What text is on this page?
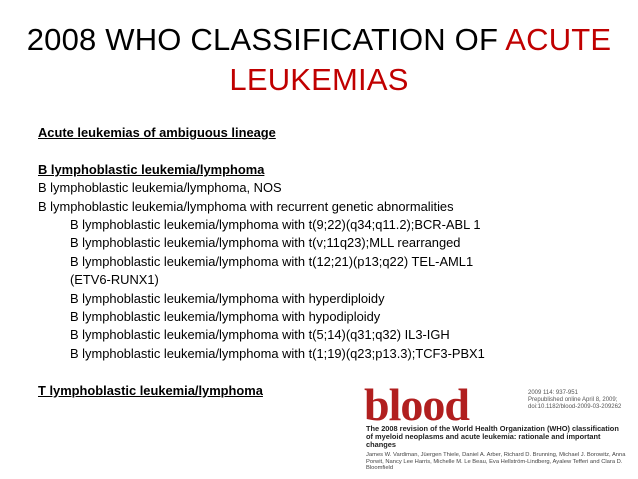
2008 WHO CLASSIFICATION OF ACUTE
LEUKEMIAS
Acute leukemias of ambiguous lineage
B lymphoblastic leukemia/lymphoma
B lymphoblastic leukemia/lymphoma, NOS
B lymphoblastic leukemia/lymphoma with recurrent genetic abnormalities
B lymphoblastic leukemia/lymphoma with t(9;22)(q34;q11.2);BCR-ABL 1
B lymphoblastic leukemia/lymphoma with t(v;11q23);MLL rearranged
B lymphoblastic leukemia/lymphoma with t(12;21)(p13;q22) TEL-AML1
(ETV6-RUNX1)
B lymphoblastic leukemia/lymphoma with hyperdiploidy
B lymphoblastic leukemia/lymphoma with hypodiploidy
B lymphoblastic leukemia/lymphoma with t(5;14)(q31;q32) IL3-IGH
B lymphoblastic leukemia/lymphoma with t(1;19)(q23;p13.3);TCF3-PBX1
T lymphoblastic leukemia/lymphoma	blood	2009 114: 937-951
Prepublished online April 8, 2009;
doi:10.1182/blood-2009-03-209262
The 2008 revision of the World Health Organization (WHO) classification of myeloid neoplasms and acute leukemia: rationale and important changes
James W. Vardiman, Jüergen Thiele, Daniel A. Arber, Richard D. Brunning, Michael J. Borowitz, Anna Porwit, Nancy Lee Harris, Michelle M. Le Beau, Eva Hellström-Lindberg, Ayalew Tefferi and Clara D. Bloomfield
